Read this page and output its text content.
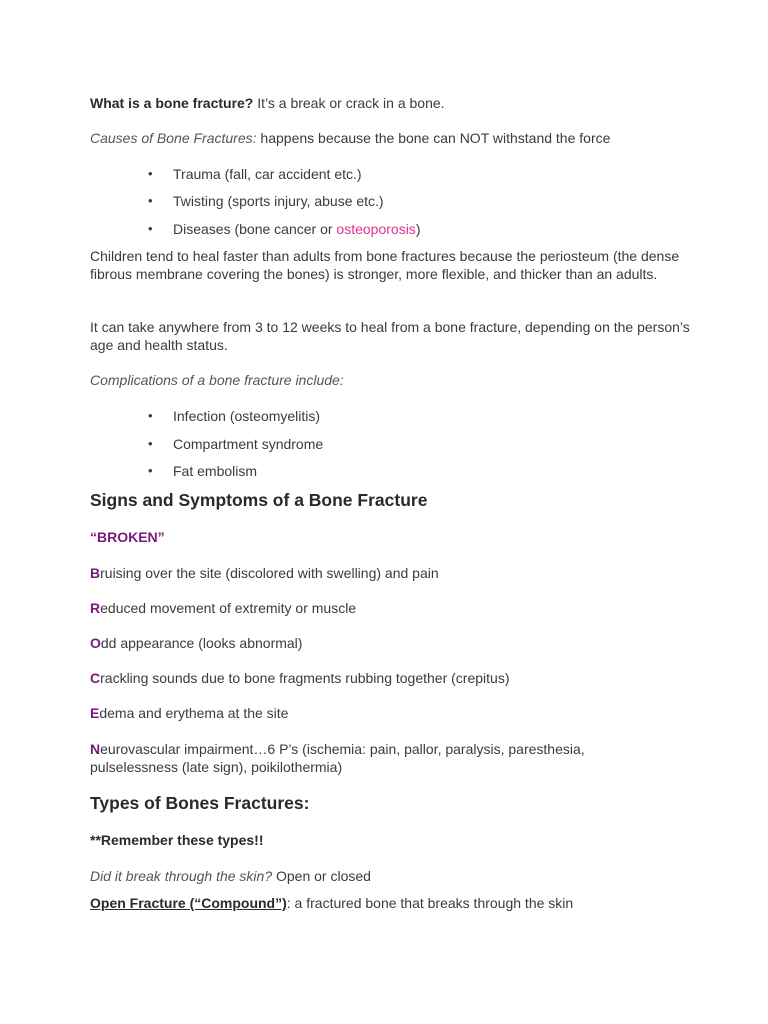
What is a bone fracture? It’s a break or crack in a bone.
Causes of Bone Fractures: happens because the bone can NOT withstand the force
• Trauma (fall, car accident etc.)
• Twisting (sports injury, abuse etc.)
• Diseases (bone cancer or osteoporosis)
Children tend to heal faster than adults from bone fractures because the periosteum (the dense fibrous membrane covering the bones) is stronger, more flexible, and thicker than an adults.
It can take anywhere from 3 to 12 weeks to heal from a bone fracture, depending on the person’s age and health status.
Complications of a bone fracture include:
• Infection (osteomyelitis)
• Compartment syndrome
• Fat embolism
Signs and Symptoms of a Bone Fracture
“BROKEN”
Bruising over the site (discolored with swelling) and pain
Reduced movement of extremity or muscle
Odd appearance (looks abnormal)
Crackling sounds due to bone fragments rubbing together (crepitus)
Edema and erythema at the site
Neurovascular impairment…6 P’s (ischemia: pain, pallor, paralysis, paresthesia, pulselessness (late sign), poikilothermia)
Types of Bones Fractures:
**Remember these types!!
Did it break through the skin? Open or closed
Open Fracture (“Compound”): a fractured bone that breaks through the skin
